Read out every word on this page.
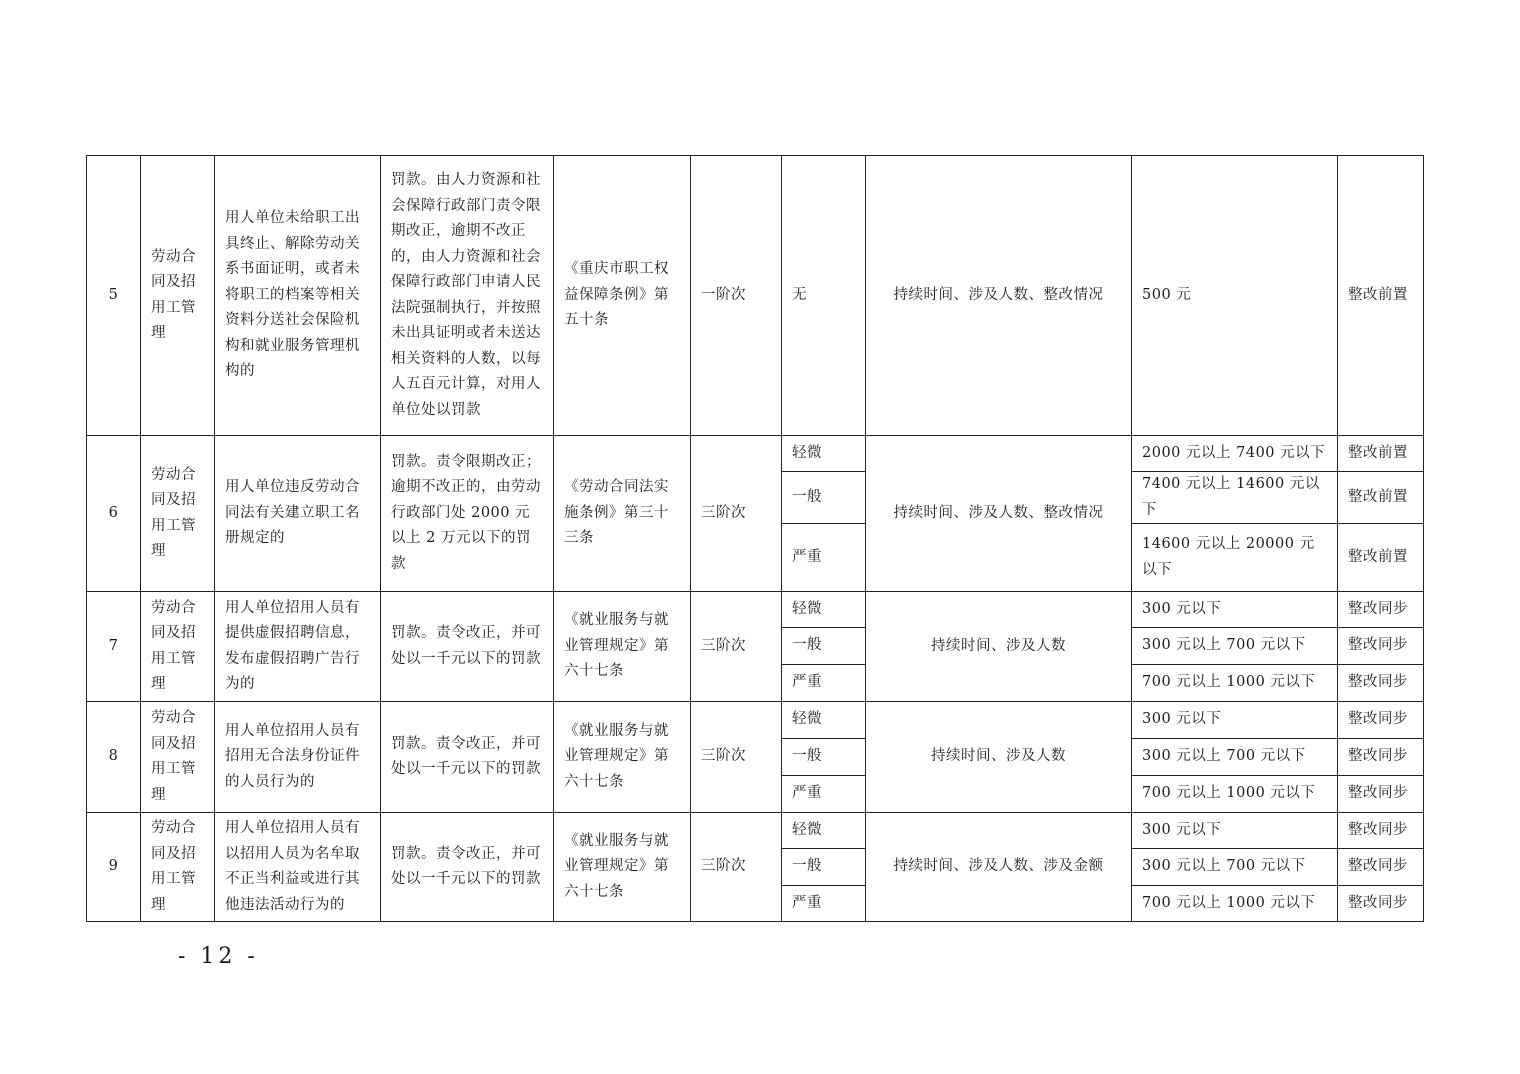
5	劳动合同及招用工管理	用人单位未给职工出具终止、解除劳动关系书面证明，或者未将职工的档案等相关资料分送社会保险机构和就业服务管理机构的	罚款。由人力资源和社会保障行政部门责令限期改正，逾期不改正的，由人力资源和社会保障行政部门申请人民法院强制执行，并按照未出具证明或者未送达相关资料的人数，以每人五百元计算，对用人单位处以罚款	《重庆市职工权益保障条例》第五十条	一阶次	无	持续时间、涉及人数、整改情况	500 元	整改前置
6	劳动合同及招用工管理	用人单位违反劳动合同法有关建立职工名册规定的	罚款。责令限期改正；逾期不改正的，由劳动行政部门处 2000 元以上 2 万元以下的罚款	《劳动合同法实施条例》第三十三条	三阶次	轻微	持续时间、涉及人数、整改情况	2000 元以上 7400 元以下	整改前置
						一般		7400 元以上 14600 元以下	整改前置
						严重		14600 元以上 20000 元以下	整改前置
7	劳动合同及招用工管理	用人单位招用人员有提供虚假招聘信息，发布虚假招聘广告行为的	罚款。责令改正，并可处以一千元以下的罚款	《就业服务与就业管理规定》第六十七条	三阶次	轻微	持续时间、涉及人数	300 元以下	整改同步
						一般		300 元以上 700 元以下	整改同步
						严重		700 元以上 1000 元以下	整改同步
8	劳动合同及招用工管理	用人单位招用人员有招用无合法身份证件的人员行为的	罚款。责令改正，并可处以一千元以下的罚款	《就业服务与就业管理规定》第六十七条	三阶次	轻微	持续时间、涉及人数	300 元以下	整改同步
						一般		300 元以上 700 元以下	整改同步
						严重		700 元以上 1000 元以下	整改同步
9	劳动合同及招用工管理	用人单位招用人员有以招用人员为名牟取不正当利益或进行其他违法活动行为的	罚款。责令改正，并可处以一千元以下的罚款	《就业服务与就业管理规定》第六十七条	三阶次	轻微	持续时间、涉及人数、涉及金额	300 元以下	整改同步
						一般		300 元以上 700 元以下	整改同步
						严重		700 元以上 1000 元以下	整改同步
- 12 -
